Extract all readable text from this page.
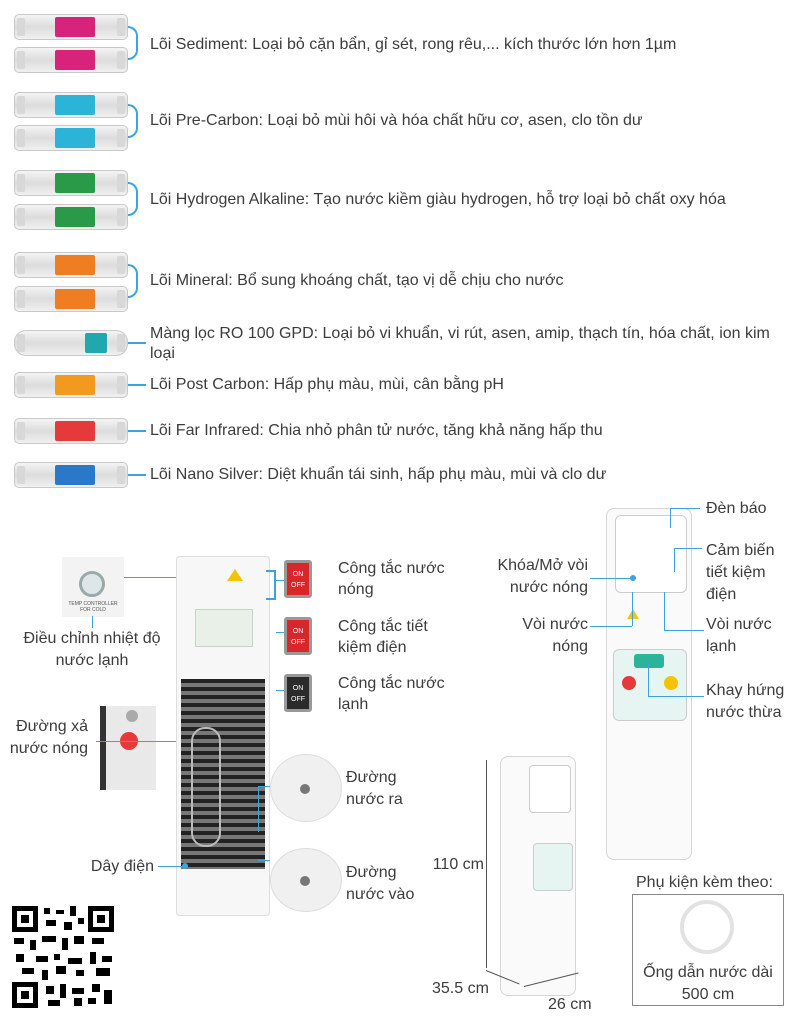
Lõi Sediment: Loại bỏ cặn bẩn, gỉ sét, rong rêu,... kích thước lớn hơn 1µm
Lõi Pre-Carbon: Loại bỏ mùi hôi và hóa chất hữu cơ, asen, clo tồn dư
Lõi Hydrogen Alkaline: Tạo nước kiềm giàu hydrogen, hỗ trợ loại bỏ chất oxy hóa
Lõi Mineral: Bổ sung khoáng chất, tạo vị dễ chịu cho nước
Màng lọc RO 100 GPD: Loại bỏ vi khuẩn, vi rút, asen, amip, thạch tín, hóa chất, ion kim loại
Lõi Post Carbon: Hấp phụ màu, mùi, cân bằng pH
Lõi Far Infrared: Chia nhỏ phân tử nước, tăng khả năng hấp thu
Lõi Nano Silver: Diệt khuẩn tái sinh, hấp phụ màu, mùi và clo dư
TEMP CONTROLLER FOR COLD
Điều chỉnh nhiệt độ nước lạnh
Đường xả nước nóng
Dây điện
ON
OFF
Công tắc nước nóng
ON
OFF
Công tắc tiết kiệm điện
ON
OFF
Công tắc nước lạnh
Đường nước ra
Đường nước vào
110 cm
35.5 cm
26 cm
Đèn báo
Cảm biến tiết kiệm điện
Khóa/Mở vòi nước nóng
Vòi nước nóng
Vòi nước lạnh
Khay hứng nước thừa
Phụ kiện kèm theo:
Ống dẫn nước dài 500 cm
